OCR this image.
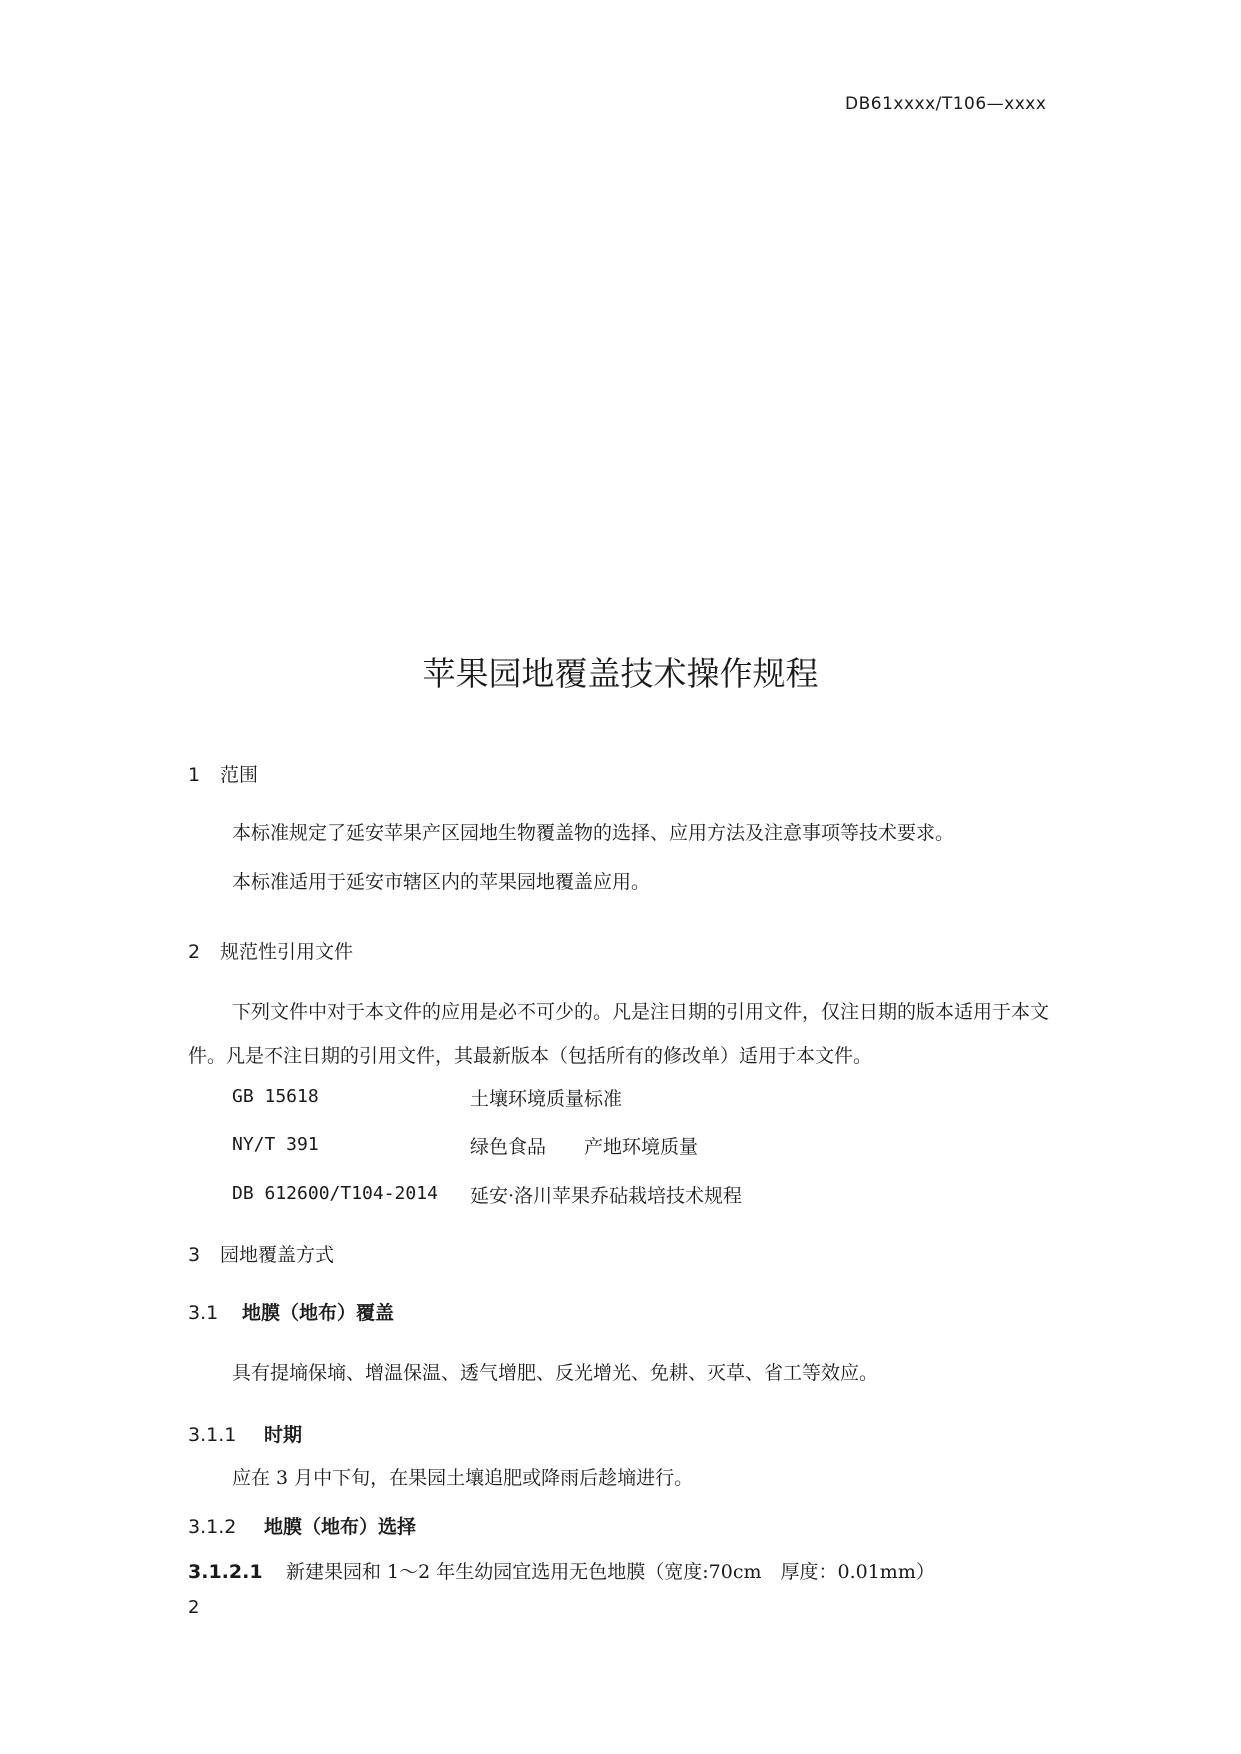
DB61xxxx/T106—xxxx
苹果园地覆盖技术操作规程
1 范围
本标准规定了延安苹果产区园地生物覆盖物的选择、应用方法及注意事项等技术要求。
本标准适用于延安市辖区内的苹果园地覆盖应用。
2 规范性引用文件
下列文件中对于本文件的应用是必不可少的。凡是注日期的引用文件，仅注日期的版本适用于本文件。凡是不注日期的引用文件，其最新版本（包括所有的修改单）适用于本文件。
GB 15618	土壤环境质量标准
NY/T 391	绿色食品　　产地环境质量
DB 612600/T104-2014 延安·洛川苹果乔砧栽培技术规程
3 园地覆盖方式
3.1 地膜（地布）覆盖
具有提墒保墒、增温保温、透气增肥、反光增光、免耕、灭草、省工等效应。
3.1.1 时期
应在 3 月中下旬，在果园土壤追肥或降雨后趁墒进行。
3.1.2 地膜（地布）选择
3.1.2.1 新建果园和 1～2 年生幼园宜选用无色地膜（宽度:70cm　厚度：0.01mm）
2
